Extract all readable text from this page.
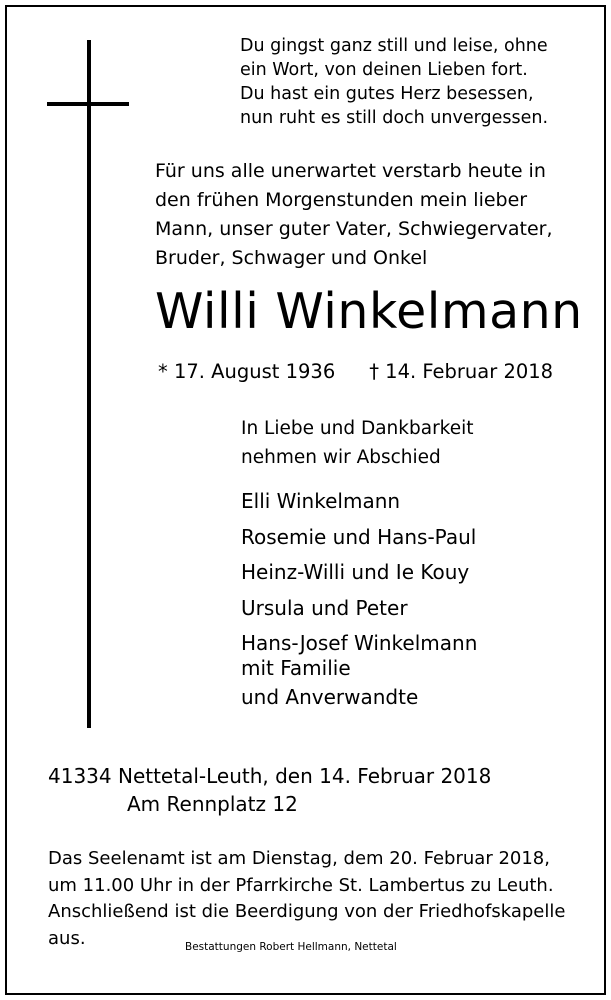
Du gingst ganz still und leise, ohne
ein Wort, von deinen Lieben fort.
Du hast ein gutes Herz besessen,
nun ruht es still doch unvergessen.
Für uns alle unerwartet verstarb heute in
den frühen Morgenstunden mein lieber
Mann, unser guter Vater, Schwiegervater,
Bruder, Schwager und Onkel
Willi Winkelmann
* 17. August 1936 † 14. Februar 2018
In Liebe und Dankbarkeit
nehmen wir Abschied
Elli Winkelmann
Rosemie und Hans-Paul
Heinz-Willi und Ie Kouy
Ursula und Peter
Hans-Josef Winkelmann
mit Familie
und Anverwandte
41334 Nettetal-Leuth, den 14. Februar 2018
Am Rennplatz 12
Das Seelenamt ist am Dienstag, dem 20. Februar 2018,
um 11.00 Uhr in der Pfarrkirche St. Lambertus zu Leuth.
Anschließend ist die Beerdigung von der Friedhofskapelle
aus.	Bestattungen Robert Hellmann, Nettetal
